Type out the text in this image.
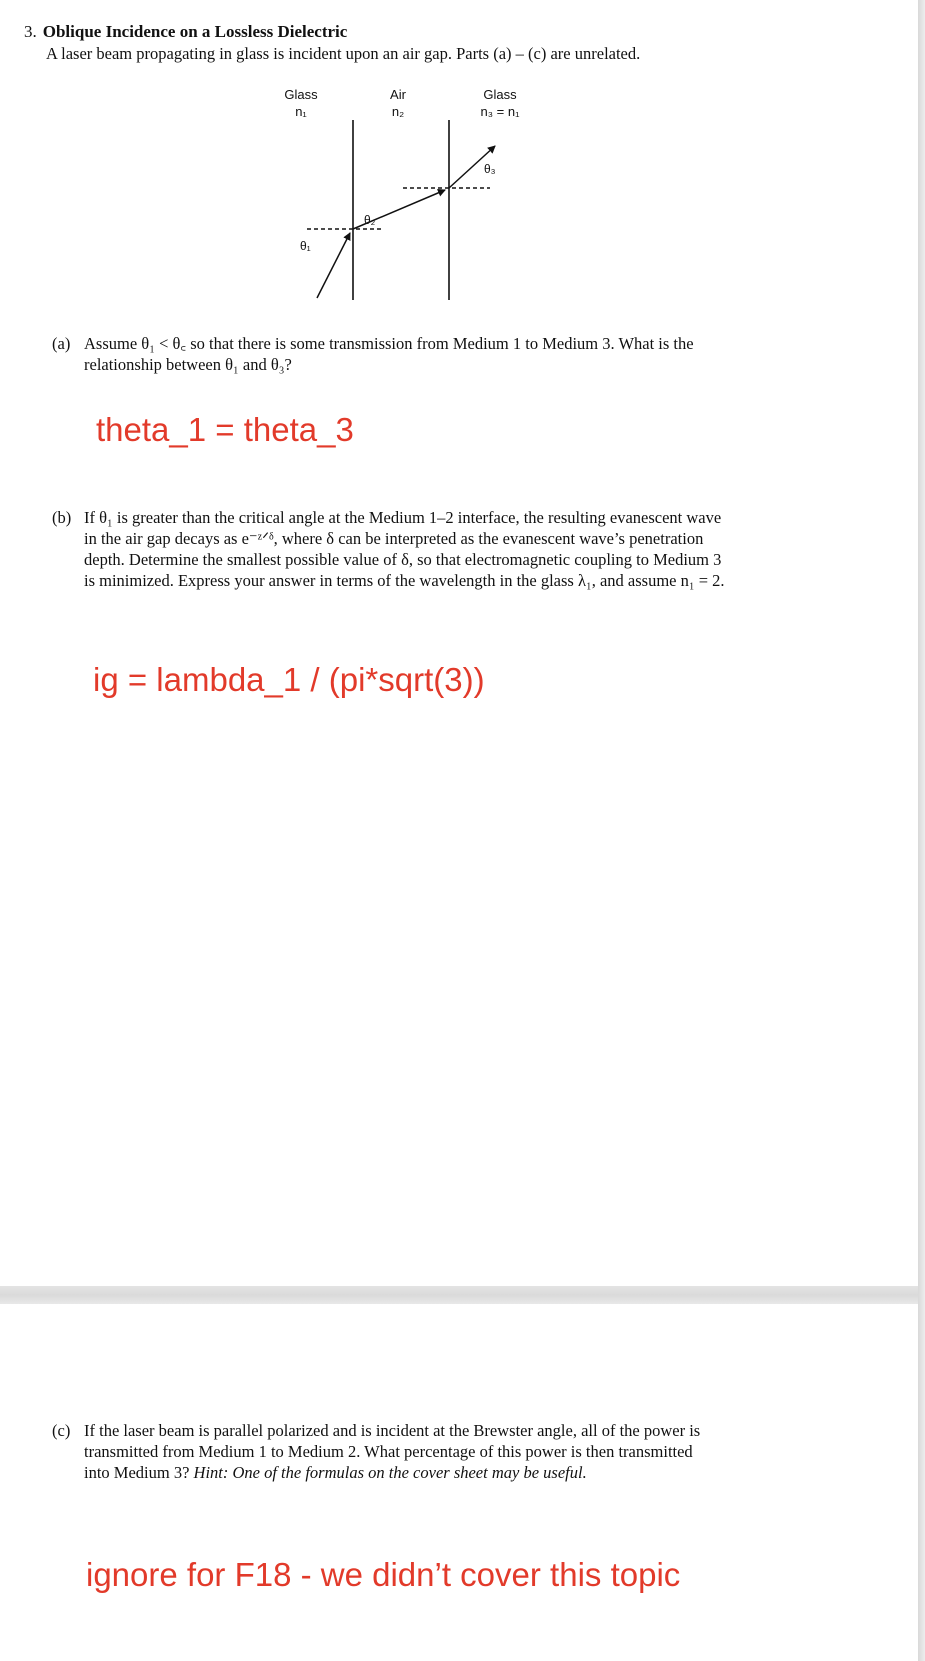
3. Oblique Incidence on a Lossless Dielectric
A laser beam propagating in glass is incident upon an air gap. Parts (a) – (c) are unrelated.
Glass
n₁
Air
n₂
Glass
n₃ = n₁
θ₁
θ₂
θ₃
(a) Assume θ₁ < θ꜀ so that there is some transmission from Medium 1 to Medium 3. What is the
relationship between θ₁ and θ₃?
theta_1 = theta_3
(b) If θ₁ is greater than the critical angle at the Medium 1–2 interface, the resulting evanescent wave
in the air gap decays as e⁻ᶻᐟᵟ, where δ can be interpreted as the evanescent wave’s penetration
depth. Determine the smallest possible value of δ, so that electromagnetic coupling to Medium 3
is minimized. Express your answer in terms of the wavelength in the glass λ₁, and assume n₁ = 2.
ig = lambda_1 / (pi*sqrt(3))
(c) If the laser beam is parallel polarized and is incident at the Brewster angle, all of the power is
transmitted from Medium 1 to Medium 2. What percentage of this power is then transmitted
into Medium 3? Hint: One of the formulas on the cover sheet may be useful.
ignore for F18 - we didn’t cover this topic
